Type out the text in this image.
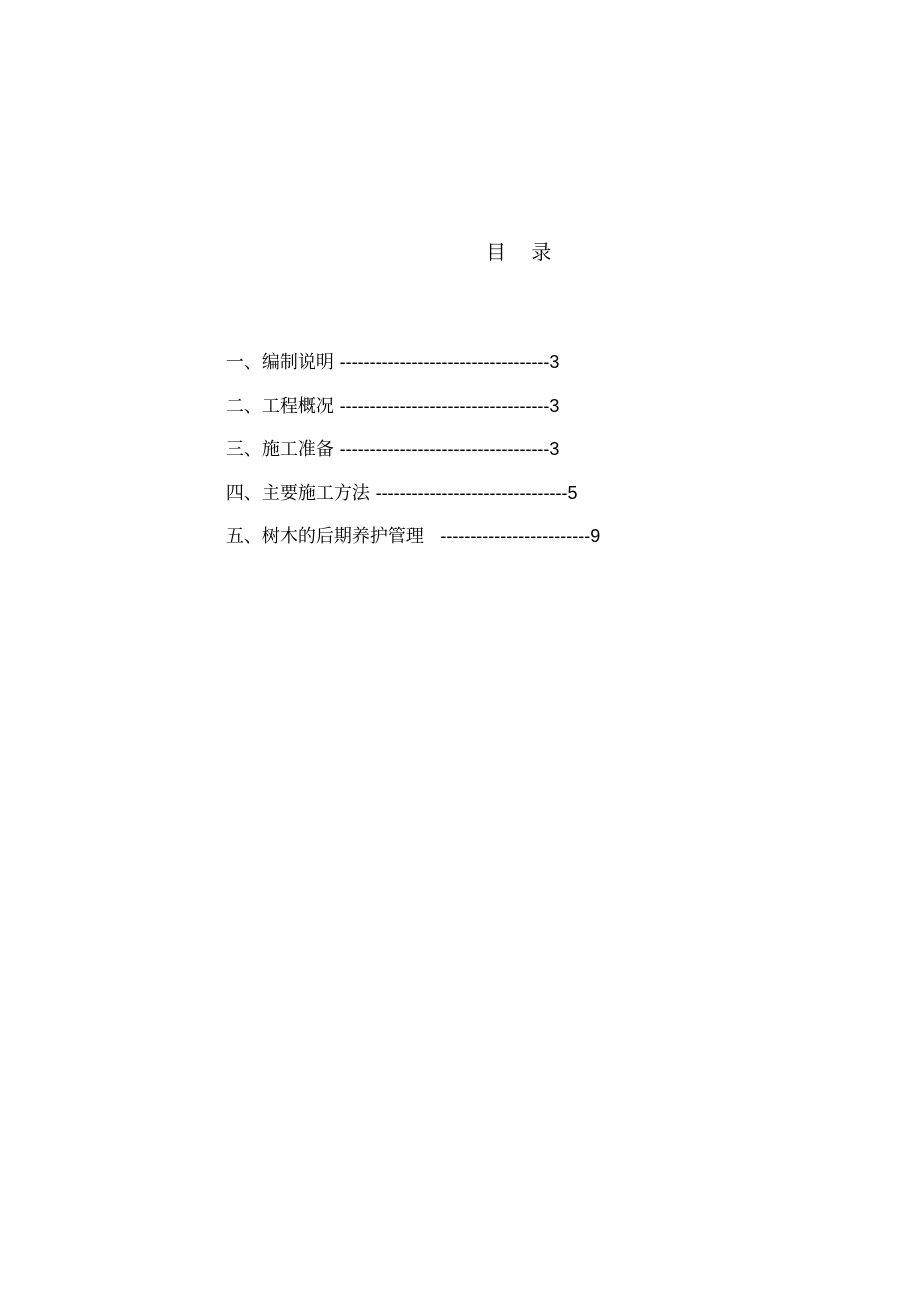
目    录

一、编制说明 -----------------------------------3

二、工程概况 -----------------------------------3

三、施工准备 -----------------------------------3

四、主要施工方法 --------------------------------5

五、树木的后期养护管理   -------------------------9
